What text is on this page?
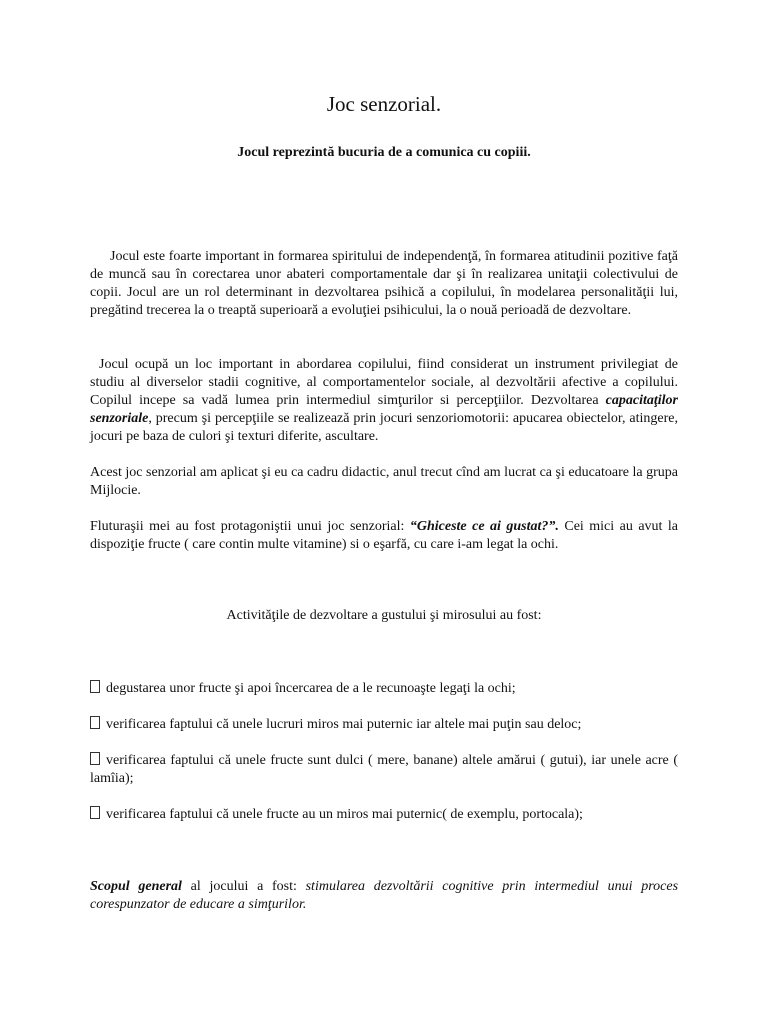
Joc senzorial.
Jocul reprezintă bucuria de a comunica cu copiii.
Jocul este foarte important in formarea spiritului de independenţă, în formarea atitudinii pozitive faţă de muncă sau în corectarea unor abateri comportamentale dar şi în realizarea unitaţii colectivului de copii. Jocul are un rol determinant in dezvoltarea psihică a copilului, în modelarea personalităţii lui, pregătind trecerea la o treaptă superioară a evoluţiei psihicului, la o nouă perioadă de dezvoltare.
Jocul ocupă un loc important in abordarea copilului, fiind considerat un instrument privilegiat de studiu al diverselor stadii cognitive, al comportamentelor sociale, al dezvoltării afective a copilului. Copilul incepe sa vadă lumea prin intermediul simţurilor si percepţiilor. Dezvoltarea capacitaţilor senzoriale, precum şi percepţiile se realizează prin jocuri senzoriomotorii: apucarea obiectelor, atingere, jocuri pe baza de culori şi texturi diferite, ascultare.
Acest joc senzorial am aplicat şi eu ca cadru didactic, anul trecut cînd am lucrat ca şi educatoare la grupa Mijlocie.
Fluturaşii mei au fost protagoniştii unui joc senzorial: “Ghiceste ce ai gustat?”. Cei mici au avut la dispoziţie fructe ( care contin multe vitamine) si o eşarfă, cu care i-am legat la ochi.
Activităţile de dezvoltare a gustului şi mirosului au fost:
degustarea unor fructe şi apoi încercarea de a le recunoaşte legaţi la ochi;
verificarea faptului că unele lucruri miros mai puternic iar altele mai puţin sau deloc;
verificarea faptului că unele fructe sunt dulci ( mere, banane) altele amărui ( gutui), iar unele acre ( lamîia);
verificarea faptului că unele fructe au un miros mai puternic( de exemplu, portocala);
Scopul general al jocului a fost: stimularea dezvoltării cognitive prin intermediul unui proces corespunzator de educare a simţurilor.
